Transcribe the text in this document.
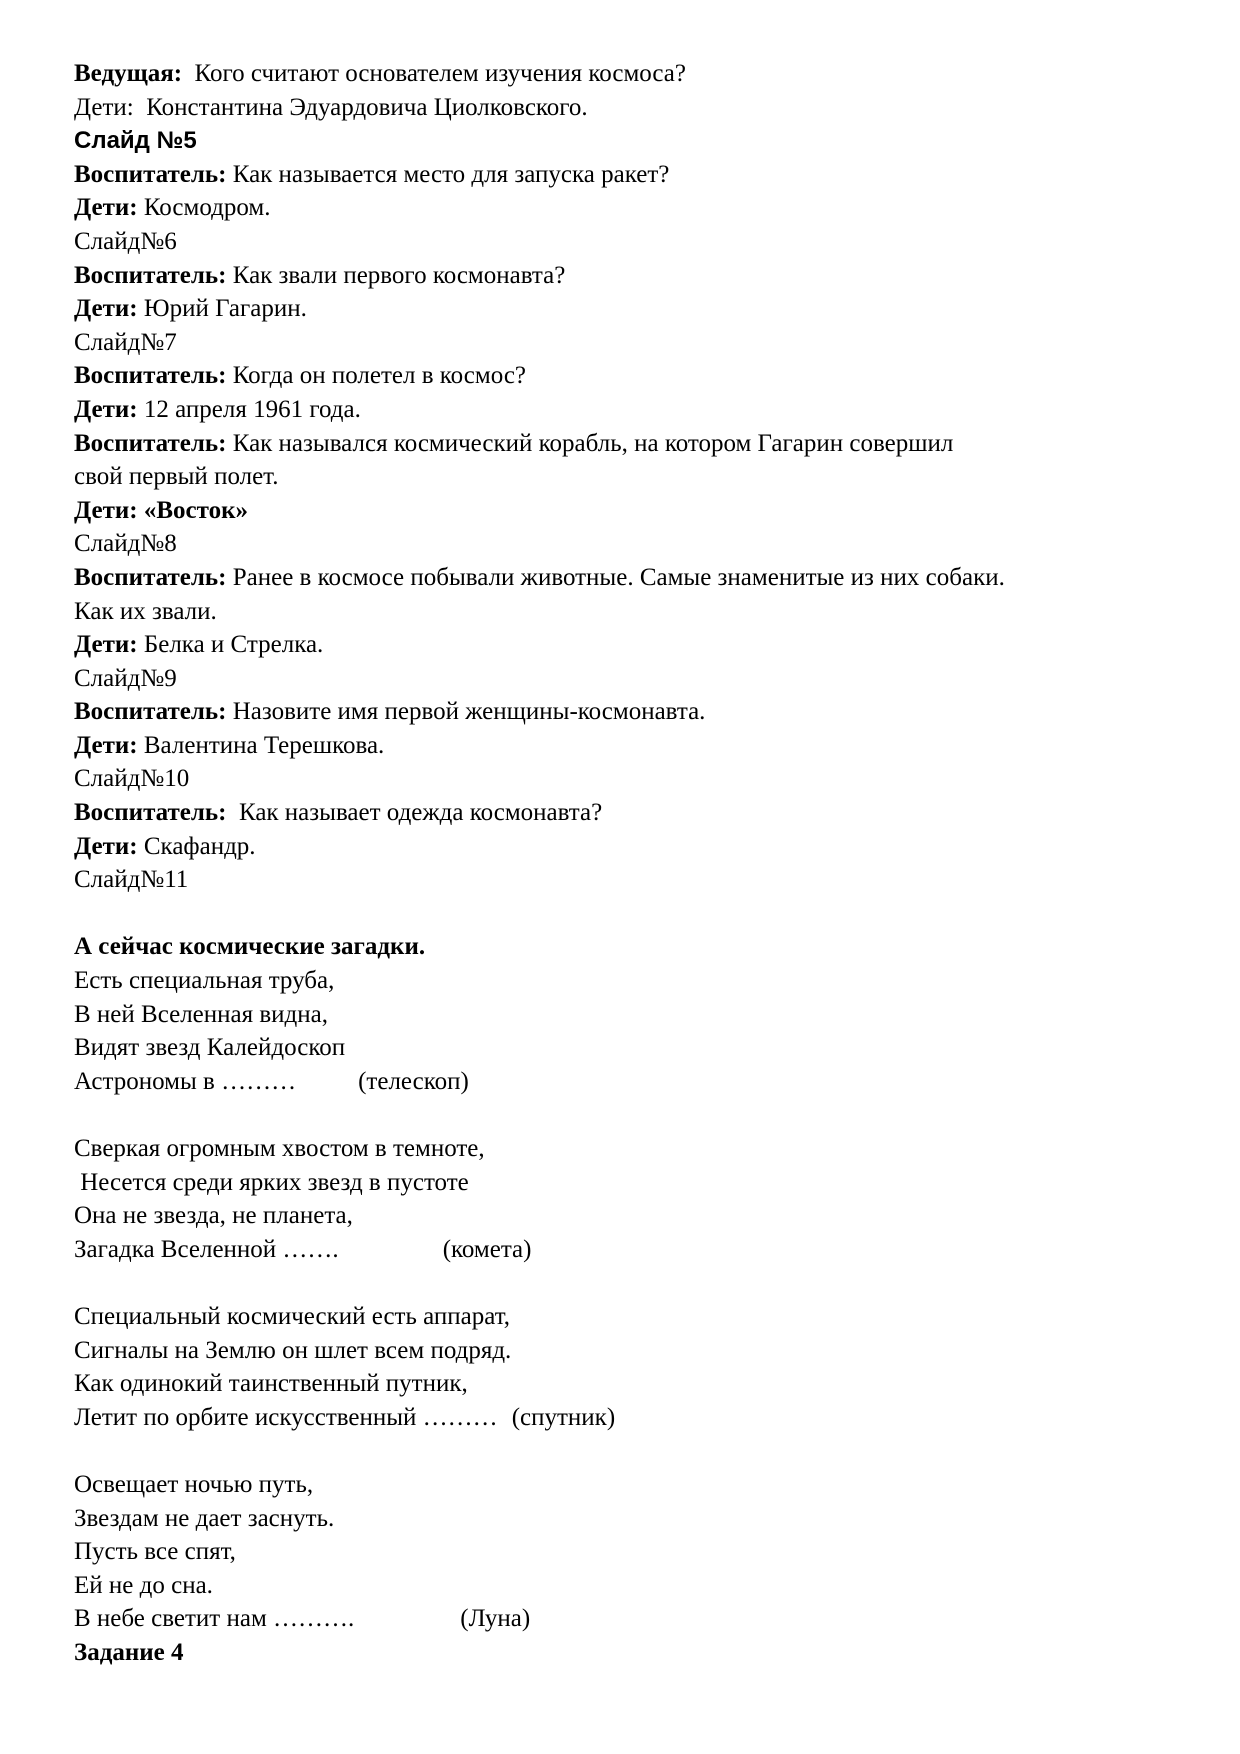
Ведущая:  Кого считают основателем изучения космоса?
Дети:  Константина Эдуардовича Циолковского.
Слайд №5
Воспитатель: Как называется место для запуска ракет?
Дети: Космодром.
Слайд№6
Воспитатель: Как звали первого космонавта?
Дети: Юрий Гагарин.
Слайд№7
Воспитатель: Когда он полетел в космос?
Дети: 12 апреля 1961 года.
Воспитатель: Как назывался космический корабль, на котором Гагарин совершил
свой первый полет.
Дети: «Восток»
Слайд№8
Воспитатель: Ранее в космосе побывали животные. Самые знаменитые из них собаки.
Как их звали.
Дети: Белка и Стрелка.
Слайд№9
Воспитатель: Назовите имя первой женщины-космонавта.
Дети: Валентина Терешкова.
Слайд№10
Воспитатель:  Как называет одежда космонавта?
Дети: Скафандр.
Слайд№11
А сейчас космические загадки.
Есть специальная труба,
В ней Вселенная видна,
Видят звезд Калейдоскоп
Астрономы в ……… (телескоп)
Сверкая огромным хвостом в темноте,
Несется среди ярких звезд в пустоте
Она не звезда, не планета,
Загадка Вселенной …….	(комета)
Специальный космический есть аппарат,
Сигналы на Землю он шлет всем подряд.
Как одинокий таинственный путник,
Летит по орбите искусственный ……… (спутник)
Освещает ночью путь,
Звездам не дает заснуть.
Пусть все спят,
Ей не до сна.
В небе светит нам ……….	(Луна)
Задание 4
